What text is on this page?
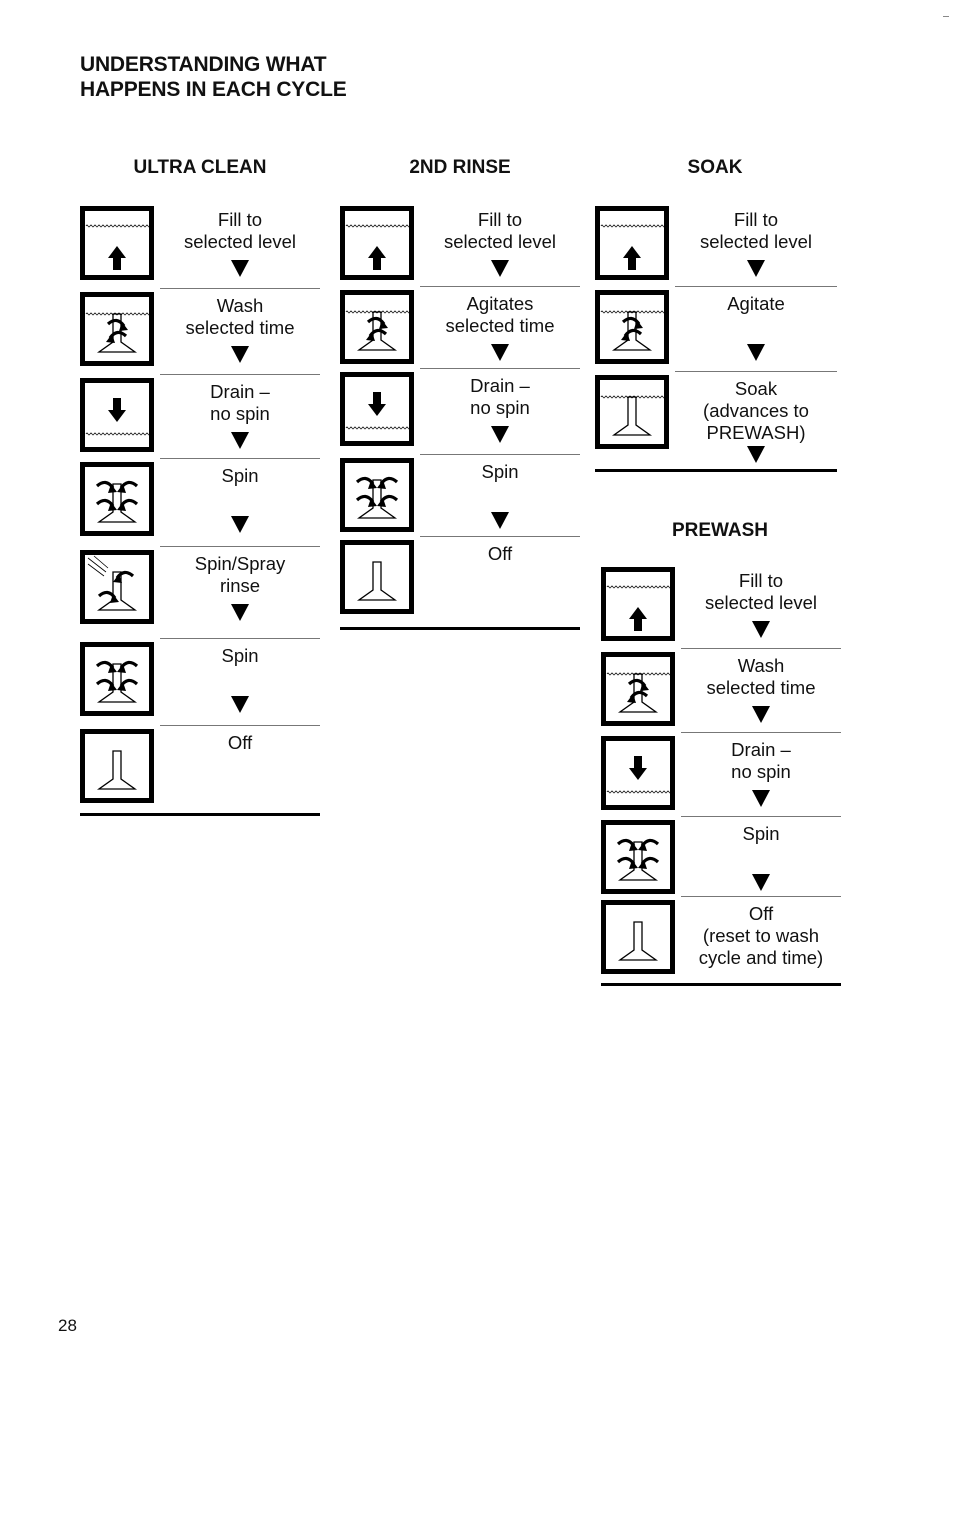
UNDERSTANDING WHAT
HAPPENS IN EACH CYCLE
ULTRA CLEAN	2ND RINSE	SOAK
PREWASH
Fill to
selected level
Wash
selected time
Drain –
no spin
Spin
Spin/Spray
rinse
Spin
Off
Fill to
selected level
Agitates
selected time
Drain –
no spin
Spin
Off
Fill to
selected level
Agitate
Soak
(advances to
PREWASH)
Fill to
selected level
Wash
selected time
Drain –
no spin
Spin
Off
(reset to wash
cycle and time)
28
